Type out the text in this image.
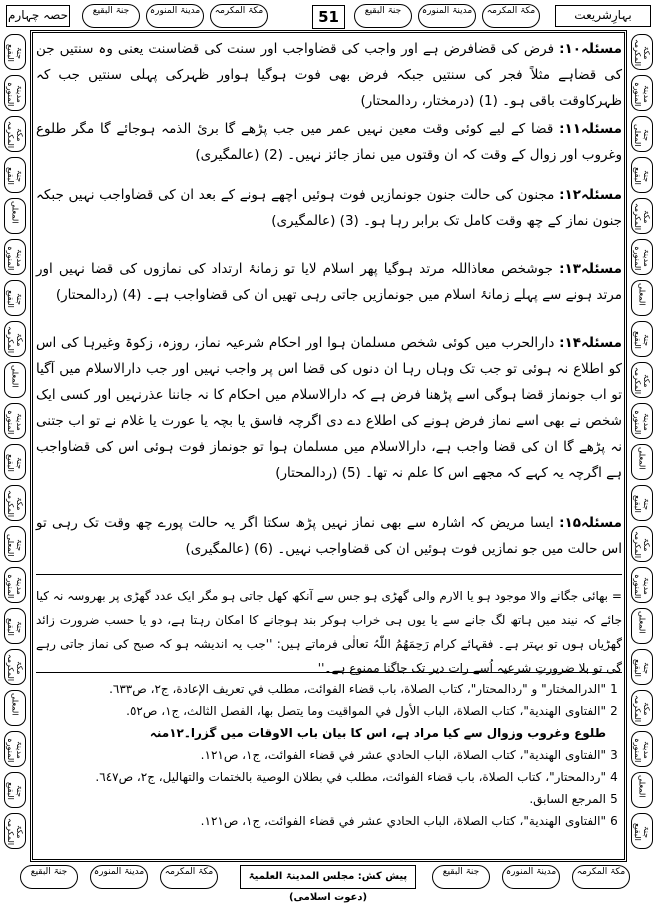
حصہ چہارم	جنۃ البقیع	مدینۃ المنورہ	مکۃ المکرمہ	51	جنۃ البقیع	مدینۃ المنورہ	مکۃ المکرمہ	بہارِشریعت
جنۃ البقیع
مدینۃ المنورہ
مکۃ المکرمہ
جنۃ البقیع
المعلی
مدینۃ المنورہ
جنۃ البقیع
مکۃ المکرمہ
المعلی
مدینۃ المنورہ
جنۃ البقیع
مکۃ المکرمہ
جنۃ المعلی
مدینۃ المنورہ
جنۃ البقیع
مکۃ المکرمہ
المعلی
مدینۃ المنورہ
جنۃ البقیع
مکۃ المکرمہ
مکۃ المکرمہ
مدینۃ المنورہ
جنۃ المعلی
جنۃ البقیع
مکۃ المکرمہ
مدینۃ المنورہ
المعلی
جنۃ البقیع
مکۃ المکرمہ
مدینۃ المنورہ
المعلی
جنۃ البقیع
مکۃ المکرمہ
مدینۃ المنورہ
المعلی
جنۃ البقیع
مکۃ المکرمہ
مدینۃ المنورہ
المعلی
جنۃ البقیع
مسئلہ۱۰: فرض کی قضافرض ہے اور واجب کی قضاواجب اور سنت کی قضاسنت یعنی وہ سنتیں جن کی قضاہے مثلاً فجر کی سنتیں جبکہ فرض بھی فوت ہوگیا ہواور ظہرکی پہلی سنتیں جب کہ ظہرکاوقت باقی ہو۔ (1) (درمختار، ردالمحتار)
مسئلہ۱۱: قضا کے لیے کوئی وقت معین نہیں عمر میں جب پڑھے گا بریٔ الذمہ ہوجائے گا مگر طلوع وغروب اور زوال کے وقت کہ ان وقتوں میں نماز جائز نہیں۔ (2) (عالمگیری)
مسئلہ۱۲: مجنون کی حالت جنون جونمازیں فوت ہوئیں اچھے ہونے کے بعد ان کی قضاواجب نہیں جبکہ جنون نماز کے چھ وقت کامل تک برابر رہا ہو۔ (3) (عالمگیری)
مسئلہ۱۳: جوشخص معاذاللہ مرتد ہوگیا پھر اسلام لایا تو زمانۂ ارتداد کی نمازوں کی قضا نہیں اور مرتد ہونے سے پہلے زمانۂ اسلام میں جونمازیں جاتی رہی تھیں ان کی قضاواجب ہے۔ (4) (ردالمحتار)
مسئلہ۱۴: دارالحرب میں کوئی شخص مسلمان ہوا اور احکام شرعیہ نماز، روزہ، زکوۃ وغیرہا کی اس کو اطلاع نہ ہوئی تو جب تک وہاں رہا ان دنوں کی قضا اس پر واجب نہیں اور جب دارالاسلام میں آگیا تو اب جونماز قضا ہوگی اسے پڑھنا فرض ہے کہ دارالاسلام میں احکام کا نہ جاننا عذرنہیں اور کسی ایک شخص نے بھی اسے نماز فرض ہونے کی اطلاع دے دی اگرچہ فاسق یا بچہ یا عورت یا غلام نے تو اب جتنی نہ پڑھے گا ان کی قضا واجب ہے، دارالاسلام میں مسلمان ہوا تو جونماز فوت ہوئی اس کی قضاواجب ہے اگرچہ یہ کہے کہ مجھے اس کا علم نہ تھا۔ (5) (ردالمحتار)
مسئلہ۱۵: ایسا مریض کہ اشارہ سے بھی نماز نہیں پڑھ سکتا اگر یہ حالت پورے چھ وقت تک رہی تو اس حالت میں جو نمازیں فوت ہوئیں ان کی قضاواجب نہیں۔ (6) (عالمگیری)
= بھائی جگانے والا موجود ہو یا الارم والی گھڑی ہو جس سے آنکھ کھل جاتی ہو مگر ایک عدد گھڑی پر بھروسہ نہ کیا جائے کہ نیند میں ہاتھ لگ جانے سے یا یوں ہی خراب ہوکر بند ہوجانے کا امکان رہتا ہے، دو یا حسب ضرورت زائد گھڑیاں ہوں تو بہتر ہے۔ فقہائے کرام رَحِمَھُمُ اللّٰہُ تعالٰی فرماتے ہیں: ''جب یہ اندیشہ ہو کہ صبح کی نماز جاتی رہے گی تو بلا ضرورتِ شرعیہ اُسے رات دیر تک جاگنا ممنوع ہے۔''
1"الدرالمختار" و "ردالمحتار"، كتاب الصلاة، باب قضاء الفوائت، مطلب في تعريف الإعادة، ج٢، ص٦٣٣.
2"الفتاوى الهندية"، كتاب الصلاة، الباب الأول في المواقيت وما يتصل بها، الفصل الثالث، ج١، ص٥٢.
طلوع وغروب وزوال سے کیا مراد ہے، اس کا بیان باب الاوقات میں گزرا۔۱۲منہ
3"الفتاوى الهندية"، كتاب الصلاة، الباب الحادي عشر في قضاء الفوائت، ج١، ص١٢١.
4"ردالمحتار"، كتاب الصلاة، باب قضاء الفوائت، مطلب في بطلان الوصية بالختمات والتهاليل، ج٢، ص٦٤٧.
5المرجع السابق.
6"الفتاوى الهندية"، كتاب الصلاة، الباب الحادي عشر في قضاء الفوائت، ج١، ص١٢١.
جنۃ البقیع	مدینۃ المنورہ	مکۃ المکرمہ	پیش کش: مجلس المدینۃ العلمیۃ (دعوت اسلامی)
جنۃ البقیع	مدینۃ المنورہ	مکۃ المکرمہ
